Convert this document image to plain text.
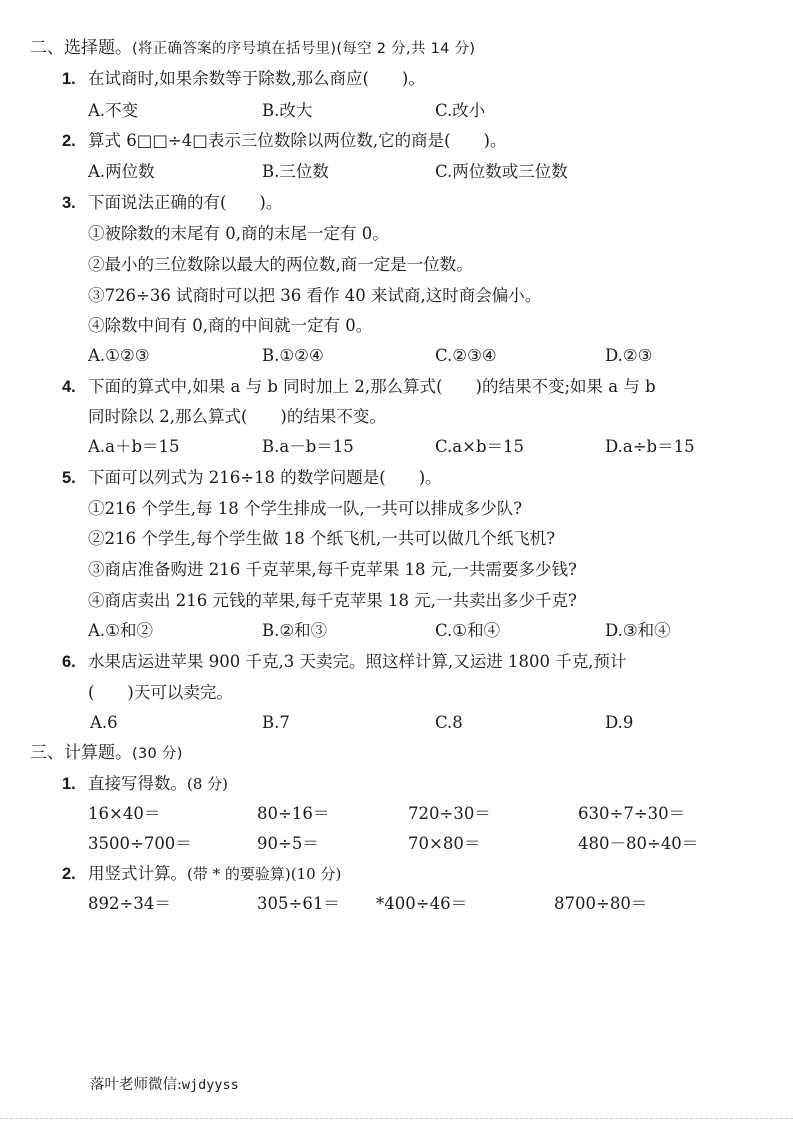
二、选择题。(将正确答案的序号填在括号里)(每空 2 分,共 14 分)
1. 在试商时,如果余数等于除数,那么商应(　　)。
A.不变	B.改大	C.改小
2. 算式 6□□÷4□表示三位数除以两位数,它的商是(　　)。
A.两位数	B.三位数	C.两位数或三位数
3. 下面说法正确的有(　　)。
①被除数的末尾有 0,商的末尾一定有 0。
②最小的三位数除以最大的两位数,商一定是一位数。
③726÷36 试商时可以把 36 看作 40 来试商,这时商会偏小。
④除数中间有 0,商的中间就一定有 0。
A.①②③	B.①②④	C.②③④	D.②③
4. 下面的算式中,如果 a 与 b 同时加上 2,那么算式(　　)的结果不变;如果 a 与 b
同时除以 2,那么算式(　　)的结果不变。
A.a＋b＝15	B.a－b＝15	C.a×b＝15	D.a÷b＝15
5. 下面可以列式为 216÷18 的数学问题是(　　)。
①216 个学生,每 18 个学生排成一队,一共可以排成多少队?
②216 个学生,每个学生做 18 个纸飞机,一共可以做几个纸飞机?
③商店准备购进 216 千克苹果,每千克苹果 18 元,一共需要多少钱?
④商店卖出 216 元钱的苹果,每千克苹果 18 元,一共卖出多少千克?
A.①和②	B.②和③	C.①和④	D.③和④
6. 水果店运进苹果 900 千克,3 天卖完。照这样计算,又运进 1800 千克,预计
(　　)天可以卖完。
A.6	B.7	C.8	D.9
三、计算题。(30 分)
1. 直接写得数。(8 分)
16×40＝	80÷16＝	720÷30＝	630÷7÷30＝
3500÷700＝	90÷5＝	70×80＝	480－80÷40＝
2. 用竖式计算。(带 * 的要验算)(10 分)
892÷34＝	305÷61＝ *400÷46＝	8700÷80＝
落叶老师微信:wjdyyss
